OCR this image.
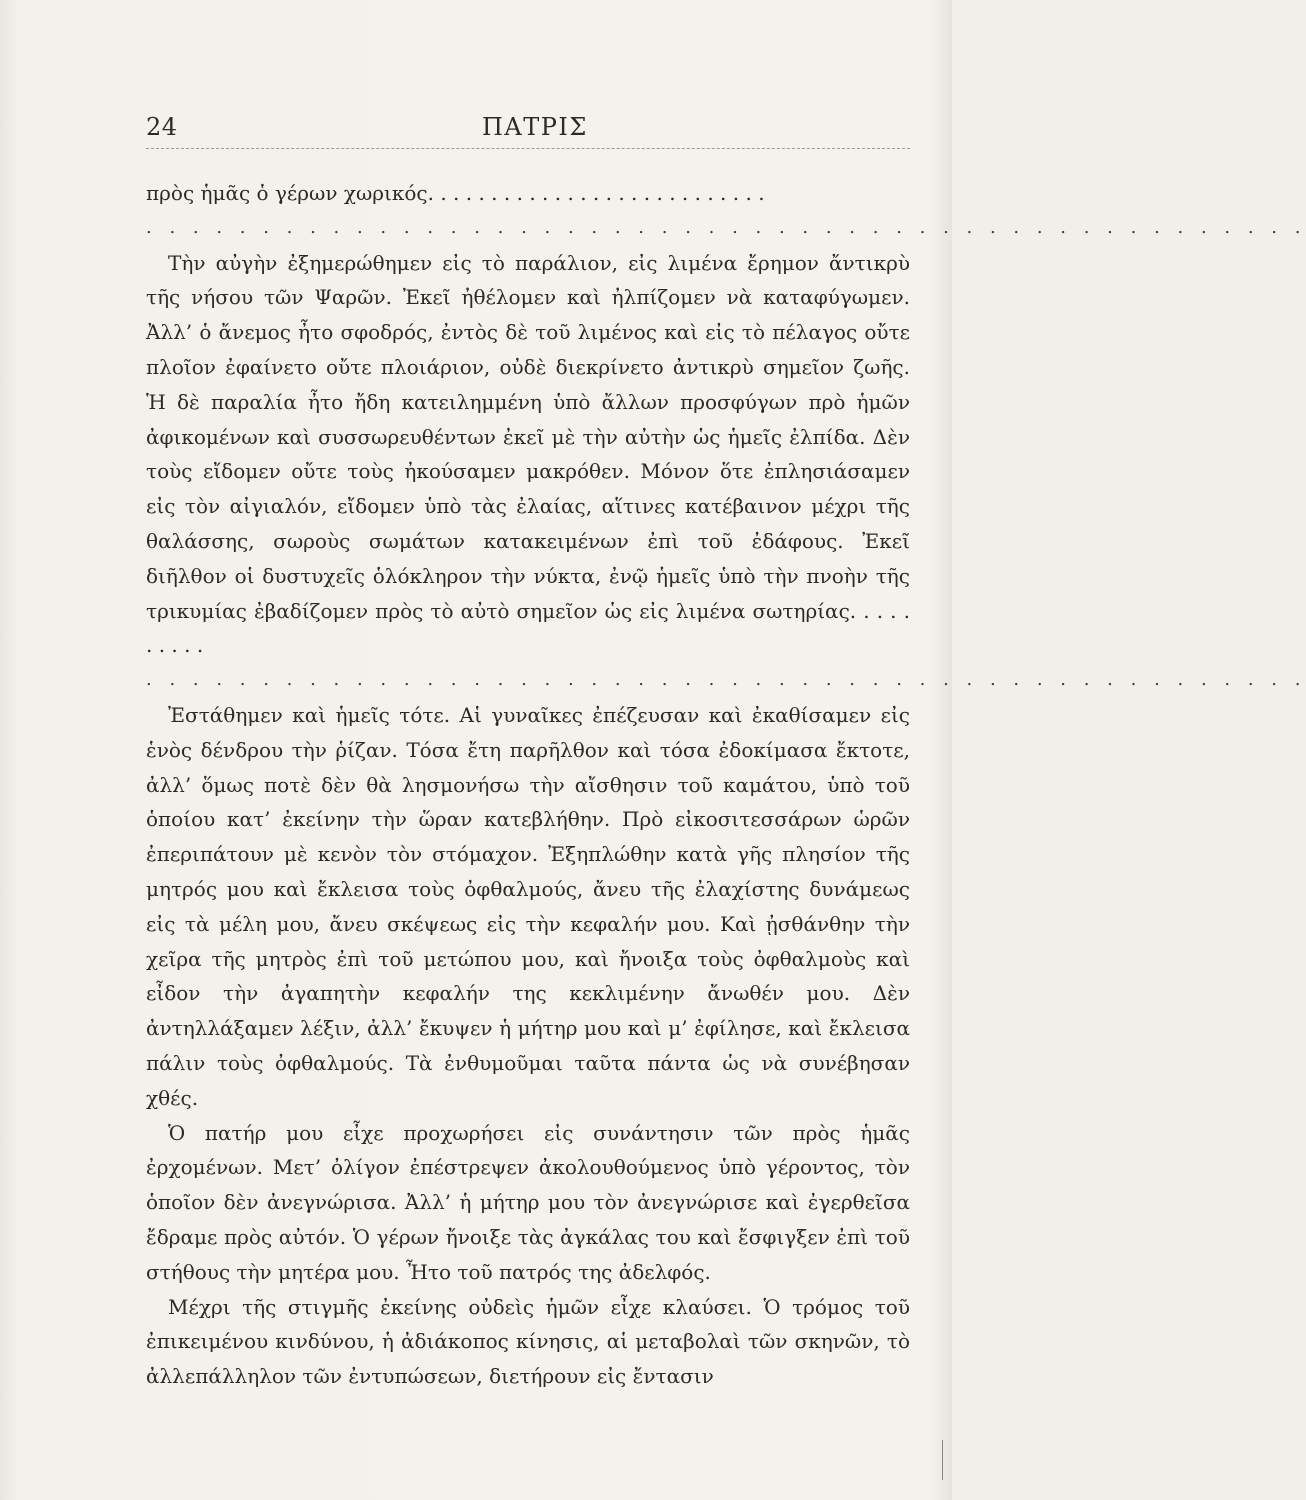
24	ΠΑΤΡΙΣ

πρὸς ἡμᾶς ὁ γέρων χωρικός. . . . . . . . . . . . . . . . . . . . . . . . . . .

. . . . . . . . . . . . . . . . . . . . . . . . . . . . . . . . . . . . . . . . . . . . . . . . . .

Τὴν αὐγὴν ἐξημερώθημεν εἰς τὸ παράλιον, εἰς λιμένα ἔρημον ἄντικρὺ τῆς νήσου τῶν Ψαρῶν. Ἐκεῖ ἠθέλομεν καὶ ἠλπίζομεν νὰ καταφύγωμεν. Ἀλλ’ ὁ ἄνεμος ἦτο σφοδρός, ἐντὸς δὲ τοῦ λιμένος καὶ εἰς τὸ πέλαγος οὔτε πλοῖον ἐφαίνετο οὔτε πλοιάριον, οὐδὲ διεκρίνετο ἀντικρὺ σημεῖον ζωῆς. Ἡ δὲ παραλία ἦτο ἤδη κατειλημμένη ὑπὸ ἄλλων προσφύγων πρὸ ἡμῶν ἀφικομένων καὶ συσσωρευθέντων ἐκεῖ μὲ τὴν αὐτὴν ὡς ἡμεῖς ἐλπίδα. Δὲν τοὺς εἴδομεν οὔτε τοὺς ἠκούσαμεν μακρόθεν. Μόνον ὅτε ἐπλησιάσαμεν εἰς τὸν αἰγιαλόν, εἴδομεν ὑπὸ τὰς ἐλαίας, αἵτινες κατέβαινον μέχρι τῆς θαλάσσης, σωροὺς σωμάτων κατακειμένων ἐπὶ τοῦ ἐδάφους. Ἐκεῖ διῆλθον οἱ δυστυχεῖς ὁλόκληρον τὴν νύκτα, ἐνῷ ἡμεῖς ὑπὸ τὴν πνοὴν τῆς τρικυμίας ἐβαδίζομεν πρὸς τὸ αὐτὸ σημεῖον ὡς εἰς λιμένα σωτηρίας. . . . . . . . . .

. . . . . . . . . . . . . . . . . . . . . . . . . . . . . . . . . . . . . . . . . . . . . . . . . .

Ἐστάθημεν καὶ ἡμεῖς τότε. Αἱ γυναῖκες ἐπέζευσαν καὶ ἐκαθίσαμεν εἰς ἑνὸς δένδρου τὴν ῥίζαν. Τόσα ἔτη παρῆλθον καὶ τόσα ἐδοκίμασα ἔκτοτε, ἀλλ’ ὅμως ποτὲ δὲν θὰ λησμονήσω τὴν αἴσθησιν τοῦ καμάτου, ὑπὸ τοῦ ὁποίου κατ’ ἐκείνην τὴν ὥραν κατεβλήθην. Πρὸ εἰκοσιτεσσάρων ὡρῶν ἐπεριπάτουν μὲ κενὸν τὸν στόμαχον. Ἐξηπλώθην κατὰ γῆς πλησίον τῆς μητρός μου καὶ ἔκλεισα τοὺς ὀφθαλμούς, ἄνευ τῆς ἐλαχίστης δυνάμεως εἰς τὰ μέλη μου, ἄνευ σκέψεως εἰς τὴν κεφαλήν μου. Καὶ ᾐσθάνθην τὴν χεῖρα τῆς μητρὸς ἐπὶ τοῦ μετώπου μου, καὶ ἤνοιξα τοὺς ὀφθαλμοὺς καὶ εἶδον τὴν ἀγαπητὴν κεφαλήν της κεκλιμένην ἄνωθέν μου. Δὲν ἀντηλλάξαμεν λέξιν, ἀλλ’ ἔκυψεν ἡ μήτηρ μου καὶ μ’ ἐφίλησε, καὶ ἔκλεισα πάλιν τοὺς ὀφθαλμούς. Τὰ ἐνθυμοῦμαι ταῦτα πάντα ὡς νὰ συνέβησαν χθές.

Ὁ πατήρ μου εἶχε προχωρήσει εἰς συνάντησιν τῶν πρὸς ἡμᾶς ἐρχομένων. Μετ’ ὀλίγον ἐπέστρεψεν ἀκολουθούμενος ὑπὸ γέροντος, τὸν ὁποῖον δὲν ἀνεγνώρισα. Ἀλλ’ ἡ μήτηρ μου τὸν ἀνεγνώρισε καὶ ἐγερθεῖσα ἔδραμε πρὸς αὐτόν. Ὁ γέρων ἤνοιξε τὰς ἀγκάλας του καὶ ἔσφιγξεν ἐπὶ τοῦ στήθους τὴν μητέρα μου. Ἦτο τοῦ πατρός της ἀδελφός.

Μέχρι τῆς στιγμῆς ἐκείνης οὐδεὶς ἡμῶν εἶχε κλαύσει. Ὁ τρόμος τοῦ ἐπικειμένου κινδύνου, ἡ ἀδιάκοπος κίνησις, αἱ μεταβολαὶ τῶν σκηνῶν, τὸ ἀλλεπάλληλον τῶν ἐντυπώσεων, διετήρουν εἰς ἔντασιν
